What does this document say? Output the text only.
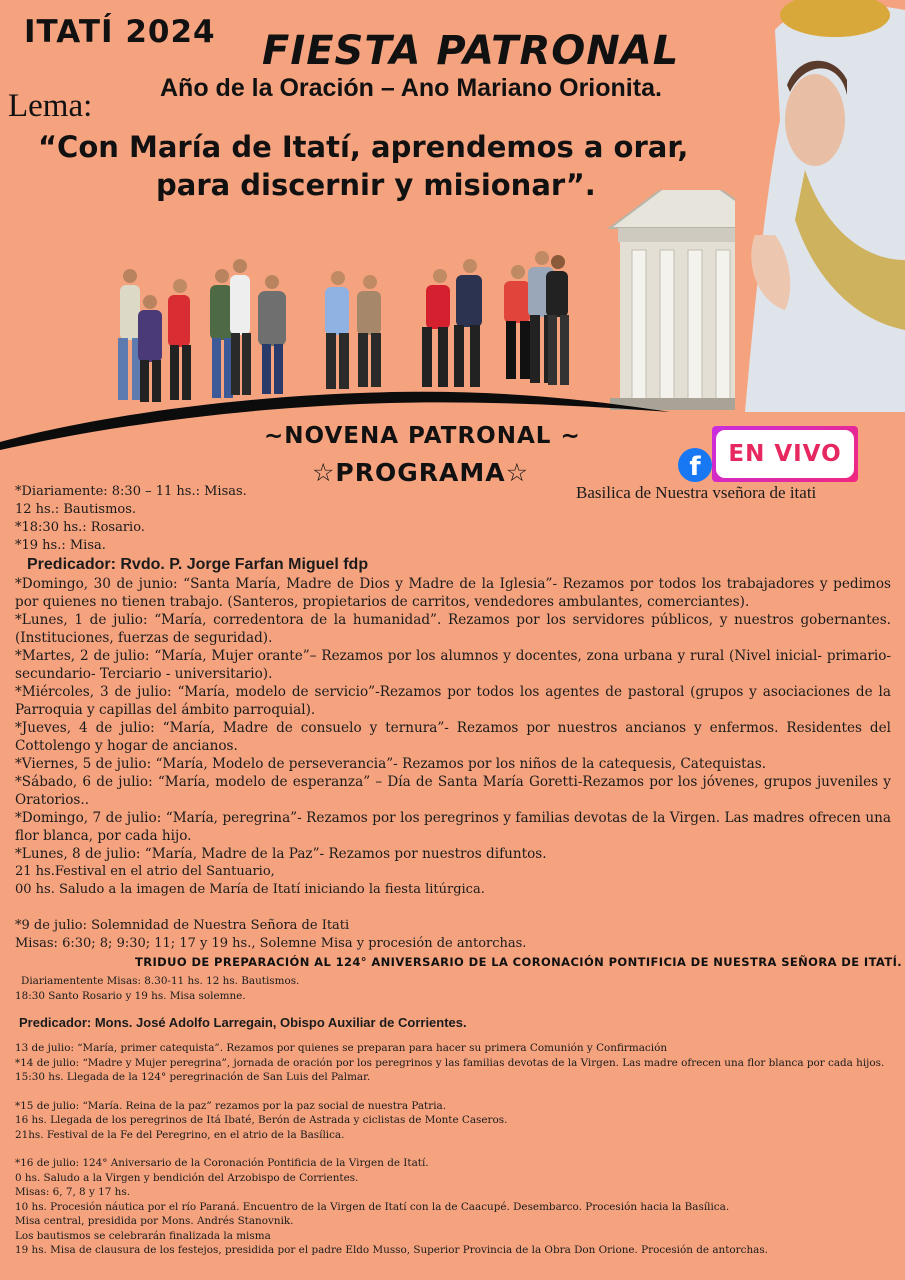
ITATÍ 2024 FIESTA PATRONAL
Año de la Oración – Ano Mariano Orionita.
Lema:
“Con María de Itatí, aprendemos a orar,
para discernir y misionar”.
~NOVENA PATRONAL ~
☆PROGRAMA☆	f	EN VIVO
Basilica de Nuestra vseñora de itati

*Diariamente: 8:30 – 11 hs.: Misas.

12 hs.: Bautismos.

*18:30 hs.: Rosario.

*19 hs.: Misa.

Predicador: Rvdo. P. Jorge Farfan Miguel fdp

*Domingo, 30 de junio: “Santa María, Madre de Dios y Madre de la Iglesia”- Rezamos por todos los trabajadores y pedimos por quienes no tienen trabajo. (Santeros, propietarios de carritos, vendedores ambulantes, comerciantes).

*Lunes, 1 de julio: “María, corredentora de la humanidad”. Rezamos por los servidores públicos, y nuestros gobernantes. (Instituciones, fuerzas de seguridad).

*Martes, 2 de julio: “María, Mujer orante”– Rezamos por los alumnos y docentes, zona urbana y rural (Nivel inicial- primario-secundario- Terciario - universitario).

*Miércoles, 3 de julio: “María, modelo de servicio”-Rezamos por todos los agentes de pastoral (grupos y asociaciones de la Parroquia y capillas del ámbito parroquial).

*Jueves, 4 de julio: “María, Madre de consuelo y ternura”- Rezamos por nuestros ancianos y enfermos. Residentes del Cottolengo y hogar de ancianos.

*Viernes, 5 de julio: “María, Modelo de perseverancia”- Rezamos por los niños de la catequesis, Catequistas.

*Sábado, 6 de julio: “María, modelo de esperanza” – Día de Santa María Goretti-Rezamos por los jóvenes, grupos juveniles y Oratorios..

*Domingo, 7 de julio: “María, peregrina”- Rezamos por los peregrinos y familias devotas de la Virgen. Las madres ofrecen una flor blanca, por cada hijo.

*Lunes, 8 de julio: “María, Madre de la Paz”- Rezamos por nuestros difuntos.

21 hs.Festival en el atrio del Santuario,

00 hs. Saludo a la imagen de María de Itatí iniciando la fiesta litúrgica.

*9 de julio: Solemnidad de Nuestra Señora de Itati

Misas: 6:30; 8; 9:30; 11; 17 y 19 hs., Solemne Misa y procesión de antorchas.

TRIDUO DE PREPARACIÓN AL 124° ANIVERSARIO DE LA CORONACIÓN PONTIFICIA DE NUESTRA SEÑORA DE ITATÍ.

Diariamentente Misas: 8.30-11 hs. 12 hs. Bautismos.

18:30 Santo Rosario y 19 hs. Misa solemne.

Predicador: Mons. José Adolfo Larregain, Obispo Auxiliar de Corrientes.

13 de julio: “María, primer catequista”. Rezamos por quienes se preparan para hacer su primera Comunión y Confirmación

*14 de julio: “Madre y Mujer peregrina”, jornada de oración por los peregrinos y las familias devotas de la Virgen. Las madre ofrecen una flor blanca por cada hijos.

15:30 hs. Llegada de la 124° peregrinación de San Luis del Palmar.

*15 de julio: “María. Reina de la paz” rezamos por la paz social de nuestra Patria.

16 hs. Llegada de los peregrinos de Itá Ibaté, Berón de Astrada y ciclistas de Monte Caseros.

21hs. Festival de la Fe del Peregrino, en el atrio de la Basílica.

*16 de julio: 124° Aniversario de la Coronación Pontificia de la Virgen de Itatí.

0 hs. Saludo a la Virgen y bendición del Arzobispo de Corrientes.

Misas: 6, 7, 8 y 17 hs.

10 hs. Procesión náutica por el río Paraná. Encuentro de la Virgen de Itatí con la de Caacupé. Desembarco. Procesión hacia la Basílica.

Misa central, presidida por Mons. Andrés Stanovnik.

Los bautismos se celebrarán finalizada la misma

19 hs. Misa de clausura de los festejos, presidida por el padre Eldo Musso, Superior Provincia de la Obra Don Orione. Procesión de antorchas.
